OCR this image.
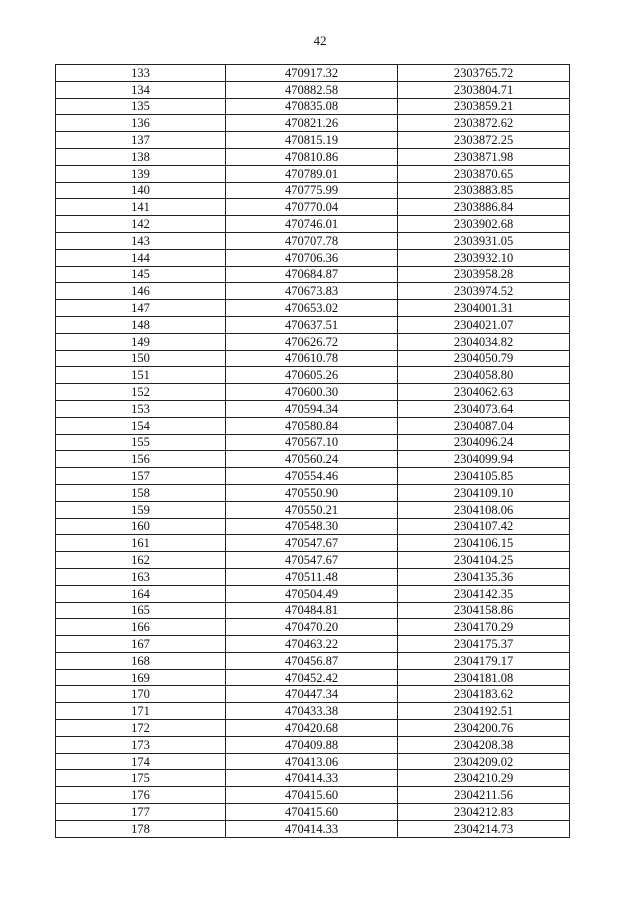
42
133	470917.32	2303765.72
134	470882.58	2303804.71
135	470835.08	2303859.21
136	470821.26	2303872.62
137	470815.19	2303872.25
138	470810.86	2303871.98
139	470789.01	2303870.65
140	470775.99	2303883.85
141	470770.04	2303886.84
142	470746.01	2303902.68
143	470707.78	2303931.05
144	470706.36	2303932.10
145	470684.87	2303958.28
146	470673.83	2303974.52
147	470653.02	2304001.31
148	470637.51	2304021.07
149	470626.72	2304034.82
150	470610.78	2304050.79
151	470605.26	2304058.80
152	470600.30	2304062.63
153	470594.34	2304073.64
154	470580.84	2304087.04
155	470567.10	2304096.24
156	470560.24	2304099.94
157	470554.46	2304105.85
158	470550.90	2304109.10
159	470550.21	2304108.06
160	470548.30	2304107.42
161	470547.67	2304106.15
162	470547.67	2304104.25
163	470511.48	2304135.36
164	470504.49	2304142.35
165	470484.81	2304158.86
166	470470.20	2304170.29
167	470463.22	2304175.37
168	470456.87	2304179.17
169	470452.42	2304181.08
170	470447.34	2304183.62
171	470433.38	2304192.51
172	470420.68	2304200.76
173	470409.88	2304208.38
174	470413.06	2304209.02
175	470414.33	2304210.29
176	470415.60	2304211.56
177	470415.60	2304212.83
178	470414.33	2304214.73
